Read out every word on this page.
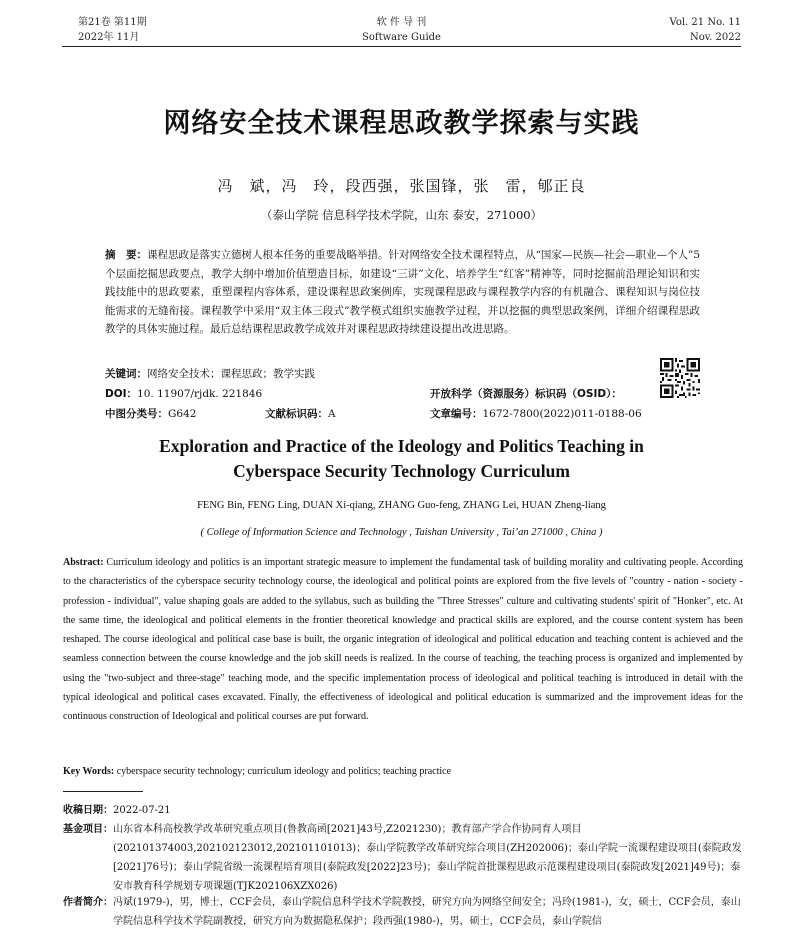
第21卷 第11期
2022年 11月
软 件 导 刊
Software Guide
Vol. 21 No. 11
Nov. 2022
网络安全技术课程思政教学探索与实践
冯　斌，冯　玲，段西强，张国锋，张　雷，郇正良
（泰山学院 信息科学技术学院，山东 泰安，271000）
摘　要：课程思政是落实立德树人根本任务的重要战略举措。针对网络安全技术课程特点，从“国家—民族—社会—职业—个人”5个层面挖掘思政要点，教学大纲中增加价值塑造目标，如建设“三讲”文化、培养学生“红客”精神等，同时挖掘前沿理论知识和实践技能中的思政要素，重塑课程内容体系，建设课程思政案例库，实现课程思政与课程教学内容的有机融合、课程知识与岗位技能需求的无缝衔接。课程教学中采用“双主体三段式”教学模式组织实施教学过程，并以挖掘的典型思政案例，详细介绍课程思政教学的具体实施过程。最后总结课程思政教学成效并对课程思政持续建设提出改进思路。
关键词：网络安全技术；课程思政；教学实践
DOI：10. 11907/rjdk. 221846	开放科学（资源服务）标识码（OSID）：
中图分类号：G642	文献标识码：A	文章编号：1672-7800(2022)011-0188-06
Exploration and Practice of the Ideology and Politics Teaching in
Cyberspace Security Technology Curriculum
FENG Bin, FENG Ling, DUAN Xi-qiang, ZHANG Guo-feng, ZHANG Lei, HUAN Zheng-liang
( College of Information Science and Technology , Taishan University , Tai’an 271000 , China )
Abstract: Curriculum ideology and politics is an important strategic measure to implement the fundamental task of building morality and cultivating people. According to the characteristics of the cyberspace security technology course, the ideological and political points are explored from the five levels of "country - nation - society - profession - individual", value shaping goals are added to the syllabus, such as building the "Three Stresses" culture and cultivating students' spirit of "Honker", etc. At the same time, the ideological and political elements in the frontier theoretical knowledge and practical skills are explored, and the course content system has been reshaped. The course ideological and political case base is built, the organic integration of ideological and political education and teaching content is achieved and the seamless connection between the course knowledge and the job skill needs is realized. In the course of teaching, the teaching process is organized and implemented by using the "two-subject and three-stage" teaching mode, and the specific implementation process of ideological and political teaching is introduced in detail with the typical ideological and political cases excavated. Finally, the effectiveness of ideological and political education is summarized and the improvement ideas for the continuous construction of Ideological and political courses are put forward.
Key Words: cyberspace security technology; curriculum ideology and politics; teaching practice
收稿日期： 2022-07-21
基金项目： 山东省本科高校教学改革研究重点项目(鲁教高函[2021]43号,Z2021230)；教育部产学合作协同育人项目(202101374003,202102123012,202101101013)；泰山学院教学改革研究综合项目(ZH202006)；泰山学院一流课程建设项目(泰院政发[2021]76号)；泰山学院省级一流课程培育项目(泰院政发[2022]23号)；泰山学院首批课程思政示范课程建设项目(泰院政发[2021]49号)；泰安市教育科学规划专项课题(TJK202106XZX026)
作者简介： 冯斌(1979-)，男，博士，CCF会员，泰山学院信息科学技术学院教授，研究方向为网络空间安全；冯玲(1981-)，女，硕士，CCF会员，泰山学院信息科学技术学院副教授，研究方向为数据隐私保护；段西强(1980-)，男，硕士，CCF会员，泰山学院信
